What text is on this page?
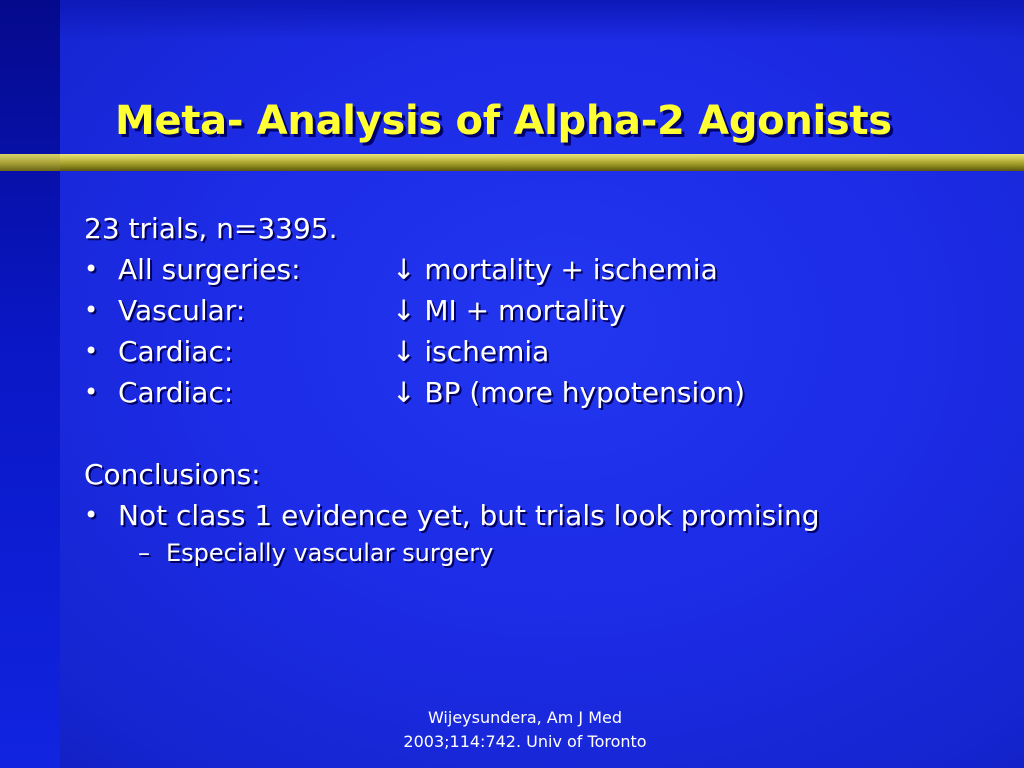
Meta- Analysis of Alpha-2 Agonists
23 trials, n=3395.
• All surgeries:	↓ mortality + ischemia
• Vascular:	↓ MI + mortality
• Cardiac:	↓ ischemia
• Cardiac:	↓ BP (more hypotension)
Conclusions:
• Not class 1 evidence yet, but trials look promising
– Especially vascular surgery
Wijeysundera, Am J Med
2003;114:742. Univ of Toronto
